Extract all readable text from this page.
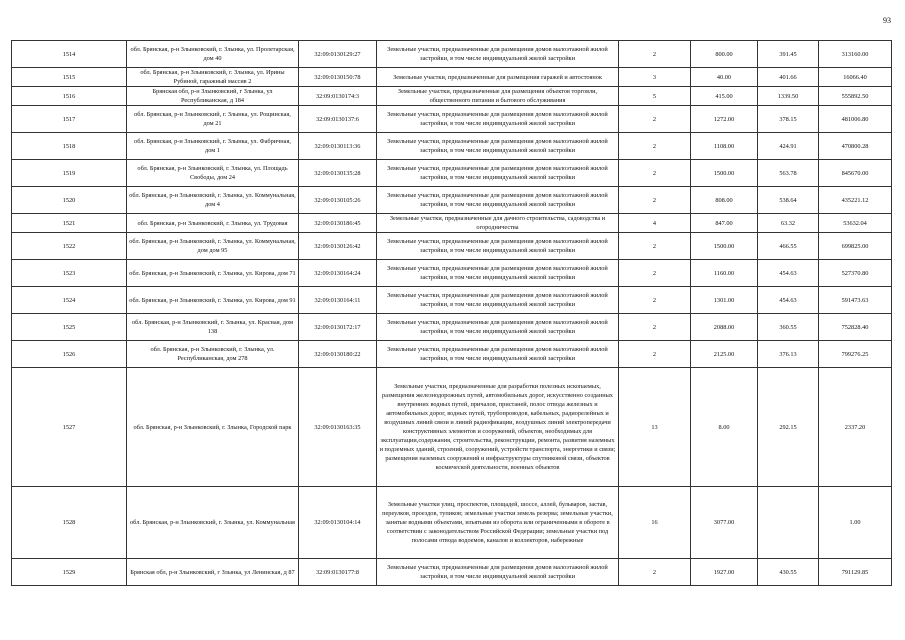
93
1514	обл. Брянская, р-н Злынковский, г. Злынка, ул. Пролетарская, дом 40	32:09:0130129:27	Земельные участки, предназначенные для размещения домов малоэтажной жилой застройки, в том числе индивидуальной жилой застройки	2	800.00	391.45	313160.00
1515	обл. Брянская, р-н Злынковский, г. Злынка, ул. Ирины Рубиной, гаражный массив 2	32:09:0130150:78	Земельные участки, предназначенные для размещения гаражей и автостоянок	3	40.00	401.66	16066.40
1516	Брянская обл, р-н Злынковский, г Злынка, ул Республиканская, д 184	32:09:0130174:3	Земельные участки, предназначенные для размещения объектов торговли, общественного питания и бытового обслуживания	5	415.00	1339.50	555892.50
1517	обл. Брянская, р-н Злынковский, г. Злынка, ул. Рощинская, дом 21	32:09:0130137:6	Земельные участки, предназначенные для размещения домов малоэтажной жилой застройки, в том числе индивидуальной жилой застройки	2	1272.00	378.15	481006.80
1518	обл. Брянская, р-н Злынковский, г. Злынка, ул. Фабричная, дом 1	32:09:0130113:36	Земельные участки, предназначенные для размещения домов малоэтажной жилой застройки, в том числе индивидуальной жилой застройки	2	1108.00	424.91	470800.28
1519	обл. Брянская, р-н Злынковский, г. Злынка, ул. Площадь Свободы, дом 24	32:09:0130135:28	Земельные участки, предназначенные для размещения домов малоэтажной жилой застройки, в том числе индивидуальной жилой застройки	2	1500.00	563.78	845670.00
1520	обл. Брянская, р-н Злынковский, г. Злынка, ул. Коммунальная, дом 4	32:09:0130105:26	Земельные участки, предназначенные для размещения домов малоэтажной жилой застройки, в том числе индивидуальной жилой застройки	2	808.00	538.64	435221.12
1521	обл. Брянская, р-н Злынковский, г. Злынка, ул. Трудовая	32:09:0130186:45	Земельные участки, предназначенные для дачного строительства, садоводства и огородничества	4	847.00	63.32	53632.04
1522	обл. Брянская, р-н Злынковский, г. Злынка, ул. Коммунальная, дом дом 95	32:09:0130126:42	Земельные участки, предназначенные для размещения домов малоэтажной жилой застройки, в том числе индивидуальной жилой застройки	2	1500.00	466.55	699825.00
1523	обл. Брянская, р-н Злынковский, г. Злынка, ул. Кирова, дом 71	32:09:0130164:24	Земельные участки, предназначенные для размещения домов малоэтажной жилой застройки, в том числе индивидуальной жилой застройки	2	1160.00	454.63	527370.80
1524	обл. Брянская, р-н Злынковский, г. Злынка, ул. Кирова, дом 91	32:09:0130164:11	Земельные участки, предназначенные для размещения домов малоэтажной жилой застройки, в том числе индивидуальной жилой застройки	2	1301.00	454.63	591473.63
1525	обл. Брянская, р-н Злынковский, г. Злынка, ул. Красная, дом 138	32:09:0130172:17	Земельные участки, предназначенные для размещения домов малоэтажной жилой застройки, в том числе индивидуальной жилой застройки	2	2088.00	360.55	752828.40
1526	обл. Брянская, р-н Злынковский, г. Злынка, ул. Республиканская, дом 278	32:09:0130180:22	Земельные участки, предназначенные для размещения домов малоэтажной жилой застройки, в том числе индивидуальной жилой застройки	2	2125.00	376.13	799276.25
1527	обл. Брянская, р-н Злынковский, г. Злынка, Городской парк	32:09:0130163:35	Земельные участки, предназначенные для разработки полезных ископаемых, размещения железнодорожных путей, автомобильных дорог, искусственно созданных внутренних водных путей, причалов, пристаней, полос отвода железных и автомобильных дорог, водных путей, трубопроводов, кабельных, радиорелейных и воздушных линий связи и линий радиофикации, воздушных линий электропередачи конструктивных элементов и сооружений, объектов, необходимых для эксплуатации,содержания, строительства, реконструкции, ремонта, развития наземных и подземных зданий, строений, сооружений, устройств транспорта, энергетики и связи; размещения наземных сооружений и инфраструктуры спутниковой связи, объектов космической деятельности, военных объектов	13	8.00	292.15	2337.20
1528	обл. Брянская, р-н Злынковский, г. Злынка, ул. Коммунальная	32:09:0130104:14	Земельные участки улиц, проспектов, площадей, шоссе, аллей, бульваров, застав, переулков, проездов, тупиков; земельные участки земель резерва; земельные участки, занятые водными объектами, изъятыми из оборота или ограниченными в обороте в соответствии с законодательством Российской Федерации; земельные участки под полосами отвода водоемов, каналов и коллекторов, набережные	16	3077.00		1.00
1529	Брянская обл, р-н Злынковский, г Злынка, ул Ленинская, д 87	32:09:0130177:8	Земельные участки, предназначенные для размещения домов малоэтажной жилой застройки, в том числе индивидуальной жилой застройки	2	1927.00	430.55	791129.85
